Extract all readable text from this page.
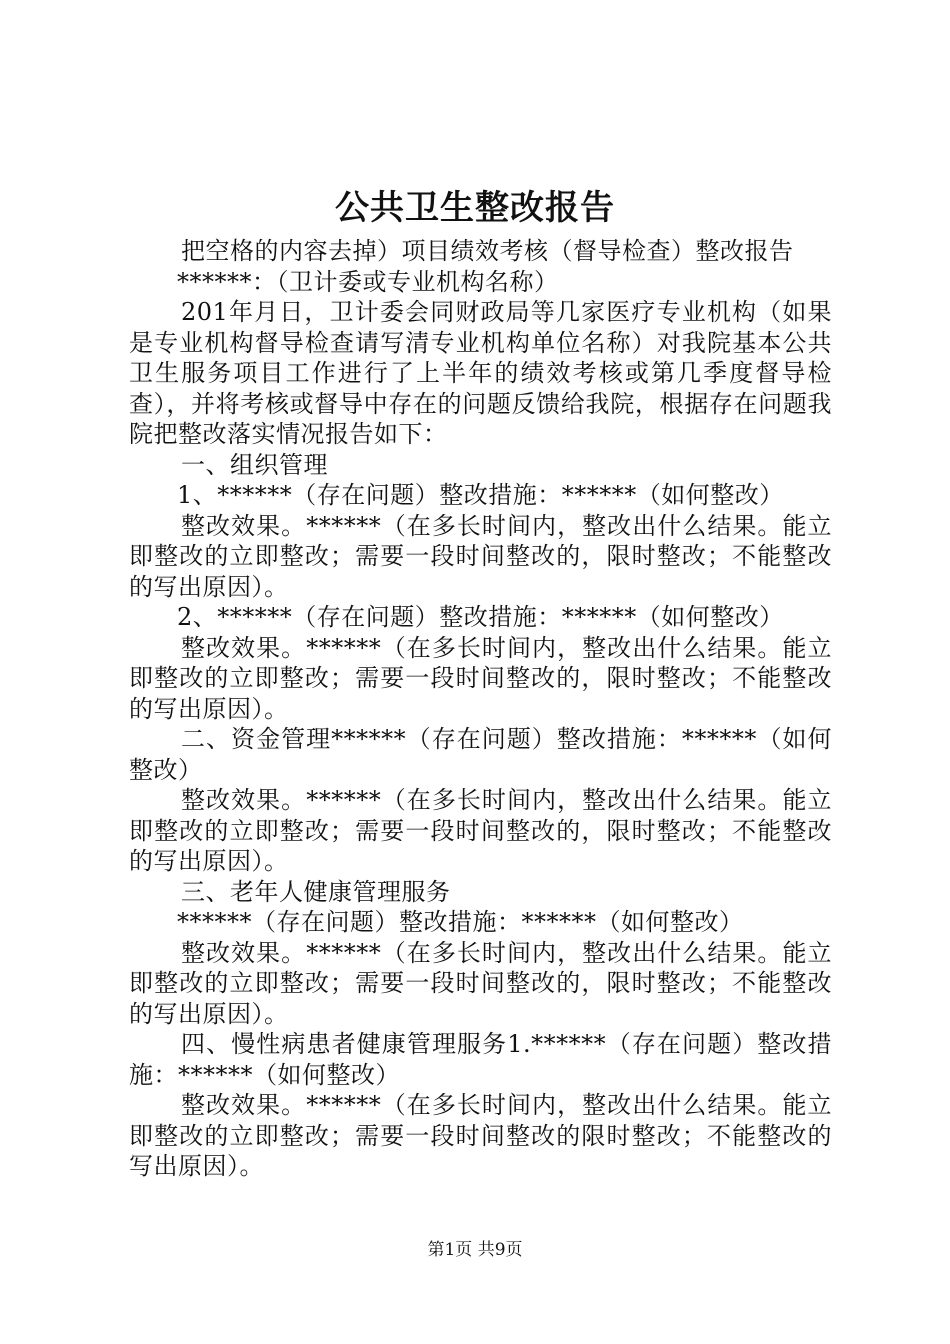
公共卫生整改报告

把空格的内容去掉）项目绩效考核（督导检查）整改报告

******：（卫计委或专业机构名称）

201年月日，卫计委会同财政局等几家医疗专业机构（如果是专业机构督导检查请写清专业机构单位名称）对我院基本公共卫生服务项目工作进行了上半年的绩效考核或第几季度督导检查），并将考核或督导中存在的问题反馈给我院，根据存在问题我院把整改落实情况报告如下：

一、组织管理

1、******（存在问题）整改措施：******（如何整改）

整改效果。******（在多长时间内，整改出什么结果。能立即整改的立即整改；需要一段时间整改的，限时整改；不能整改的写出原因）。

2、******（存在问题）整改措施：******（如何整改）

整改效果。******（在多长时间内，整改出什么结果。能立即整改的立即整改；需要一段时间整改的，限时整改；不能整改的写出原因）。

二、资金管理******（存在问题）整改措施：******（如何整改）

整改效果。******（在多长时间内，整改出什么结果。能立即整改的立即整改；需要一段时间整改的，限时整改；不能整改的写出原因）。

三、老年人健康管理服务

******（存在问题）整改措施：******（如何整改）

整改效果。******（在多长时间内，整改出什么结果。能立即整改的立即整改；需要一段时间整改的，限时整改；不能整改的写出原因）。

四、慢性病患者健康管理服务1.******（存在问题）整改措施：******（如何整改）

整改效果。******（在多长时间内，整改出什么结果。能立即整改的立即整改；需要一段时间整改的限时整改；不能整改的写出原因）。

第1页 共9页
